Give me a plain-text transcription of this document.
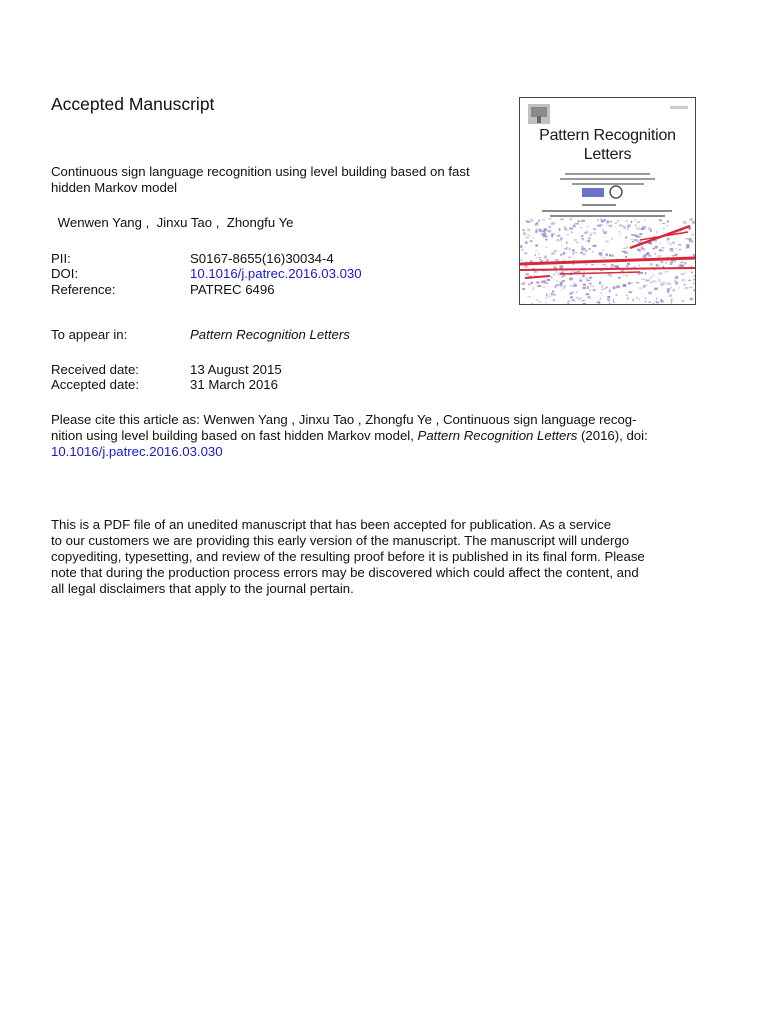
Accepted Manuscript
Continuous sign language recognition using level building based on fast hidden Markov model
Wenwen Yang ,  Jinxu Tao ,  Zhongfu Ye
PII:	S0167-8655(16)30034-4
DOI:	10.1016/j.patrec.2016.03.030
Reference:	PATREC 6496
To appear in:	Pattern Recognition Letters
Received date:	13 August 2015
Accepted date:	31 March 2016
Please cite this article as: Wenwen Yang , Jinxu Tao , Zhongfu Ye , Continuous sign language recog-
nition using level building based on fast hidden Markov model, Pattern Recognition Letters (2016), doi:
10.1016/j.patrec.2016.03.030
This is a PDF file of an unedited manuscript that has been accepted for publication. As a service
to our customers we are providing this early version of the manuscript. The manuscript will undergo
copyediting, typesetting, and review of the resulting proof before it is published in its final form. Please
note that during the production process errors may be discovered which could affect the content, and
all legal disclaimers that apply to the journal pertain.
Pattern Recognition
Letters
